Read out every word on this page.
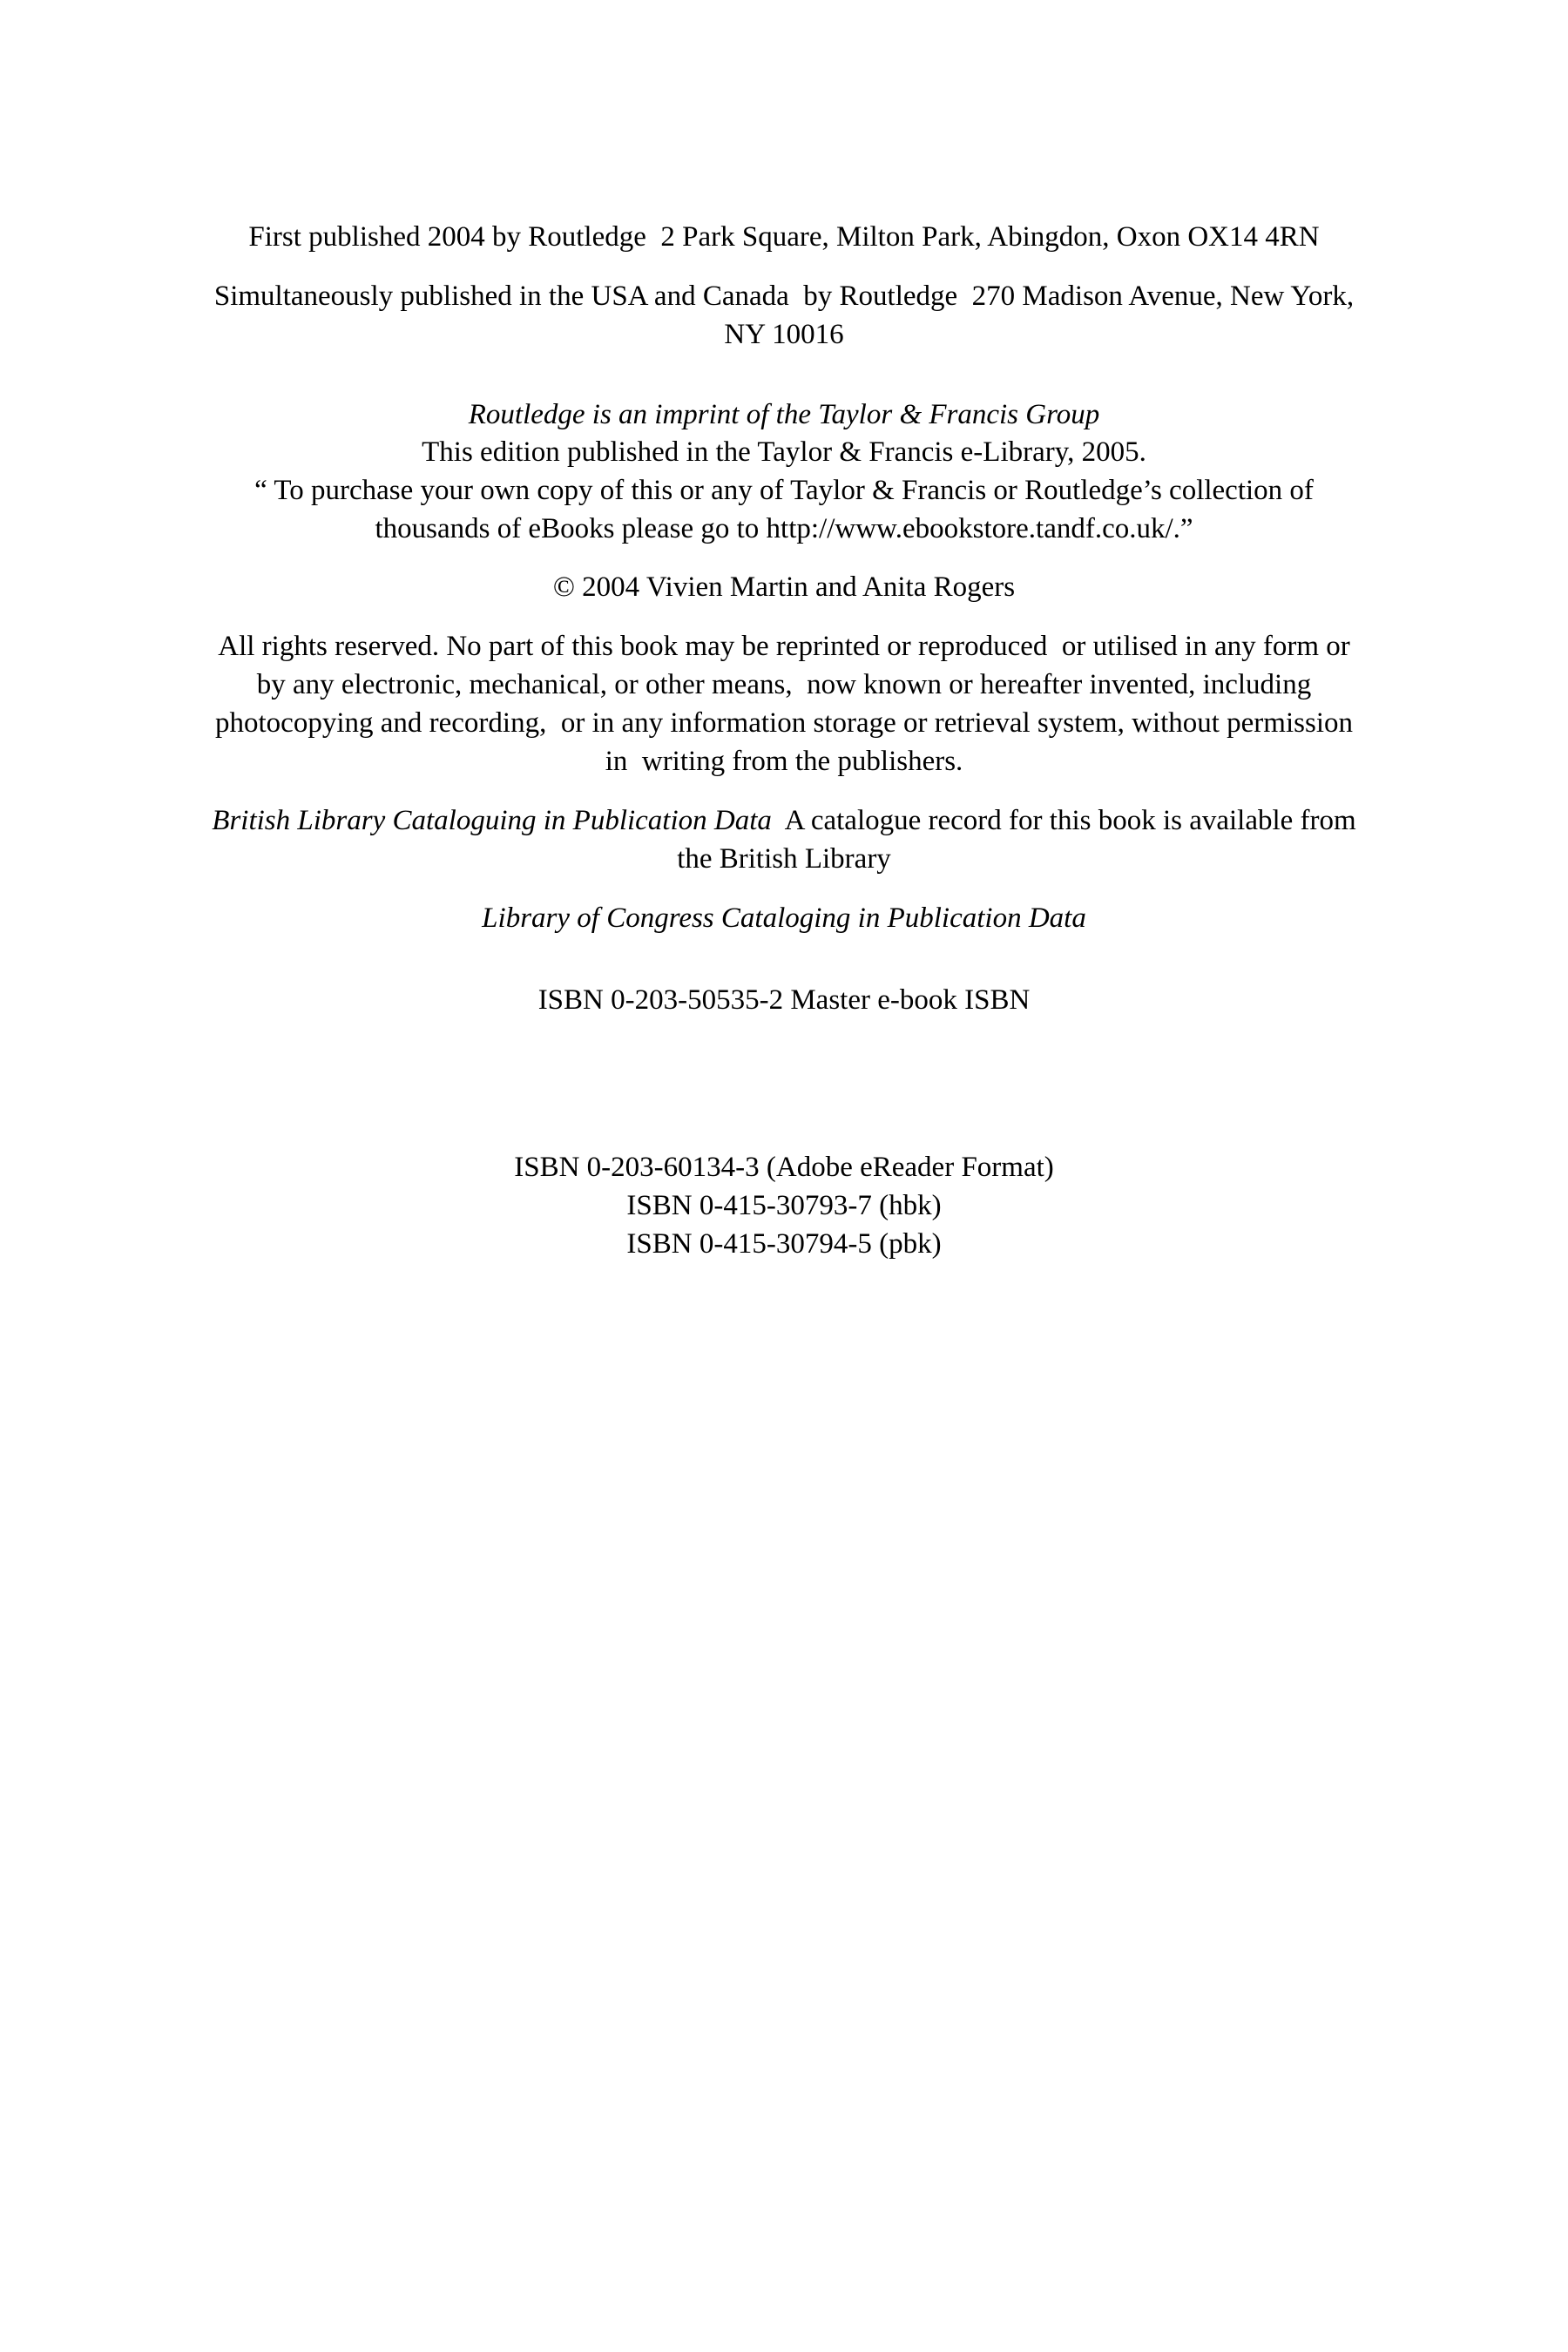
First published 2004 by Routledge  2 Park Square, Milton Park, Abingdon, Oxon OX14 4RN
Simultaneously published in the USA and Canada  by Routledge  270 Madison Avenue, New York,
NY 10016
Routledge is an imprint of the Taylor & Francis Group
This edition published in the Taylor & Francis e-Library, 2005.
“ To purchase your own copy of this or any of Taylor & Francis or Routledge’s collection of
thousands of eBooks please go to http://www.ebookstore.tandf.co.uk/.”
© 2004 Vivien Martin and Anita Rogers
All rights reserved. No part of this book may be reprinted or reproduced  or utilised in any form or
by any electronic, mechanical, or other means,  now known or hereafter invented, including
photocopying and recording,  or in any information storage or retrieval system, without permission
in  writing from the publishers.
British Library Cataloguing in Publication Data  A catalogue record for this book is available from
the British Library
Library of Congress Cataloging in Publication Data
ISBN 0-203-50535-2 Master e-book ISBN
ISBN 0-203-60134-3 (Adobe eReader Format)
ISBN 0-415-30793-7 (hbk)
ISBN 0-415-30794-5 (pbk)
